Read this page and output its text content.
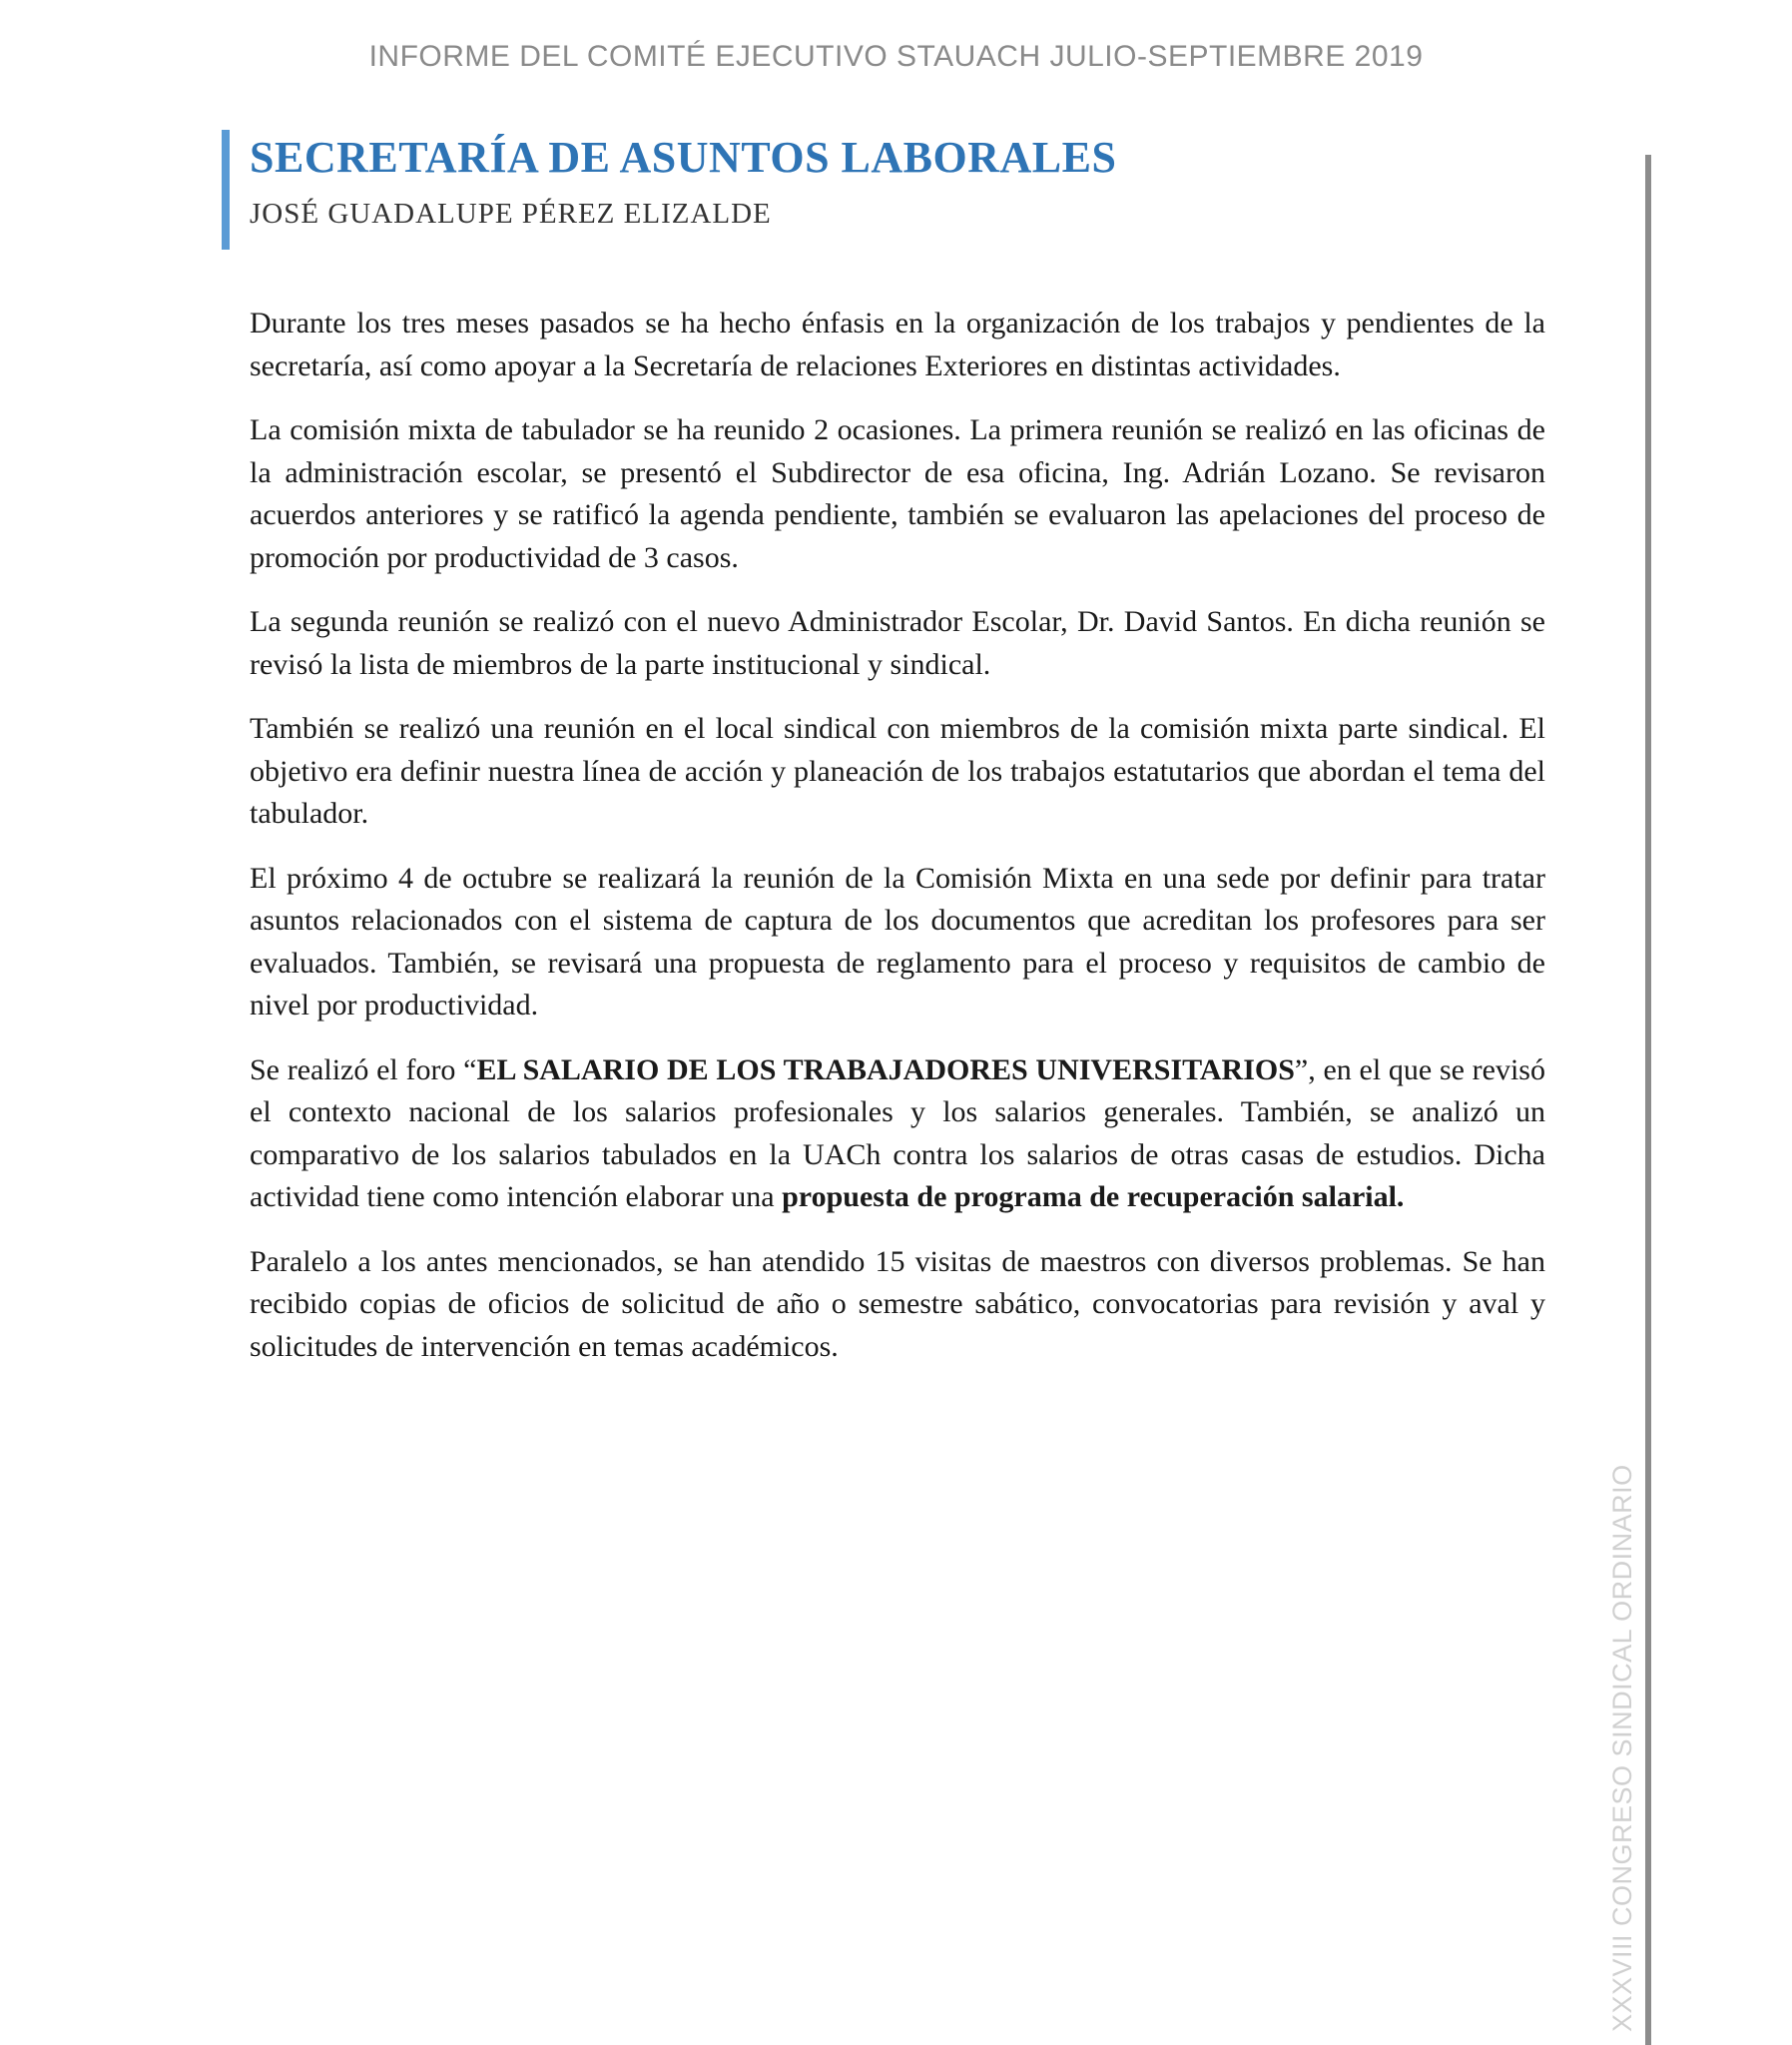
INFORME DEL COMITÉ EJECUTIVO STAUACH JULIO-SEPTIEMBRE 2019
SECRETARÍA DE ASUNTOS LABORALES
JOSÉ GUADALUPE PÉREZ ELIZALDE
XXXVIII CONGRESO SINDICAL ORDINARIO

Durante los tres meses pasados se ha hecho énfasis en la organización de los trabajos y pendientes de la secretaría, así como apoyar a la Secretaría de relaciones Exteriores en distintas actividades.

La comisión mixta de tabulador se ha reunido 2 ocasiones. La primera reunión se realizó en las oficinas de la administración escolar, se presentó el Subdirector de esa oficina, Ing. Adrián Lozano. Se revisaron acuerdos anteriores y se ratificó la agenda pendiente, también se evaluaron las apelaciones del proceso de promoción por productividad de 3 casos.

La segunda reunión se realizó con el nuevo Administrador Escolar, Dr. David Santos. En dicha reunión se revisó la lista de miembros de la parte institucional y sindical.

También se realizó una reunión en el local sindical con miembros de la comisión mixta parte sindical. El objetivo era definir nuestra línea de acción y planeación de los trabajos estatutarios que abordan el tema del tabulador.

El próximo 4 de octubre se realizará la reunión de la Comisión Mixta en una sede por definir para tratar asuntos relacionados con el sistema de captura de los documentos que acreditan los profesores para ser evaluados. También, se revisará una propuesta de reglamento para el proceso y requisitos de cambio de nivel por productividad.

Se realizó el foro “EL SALARIO DE LOS TRABAJADORES UNIVERSITARIOS”, en el que se revisó el contexto nacional de los salarios profesionales y los salarios generales. También, se analizó un comparativo de los salarios tabulados en la UACh contra los salarios de otras casas de estudios. Dicha actividad tiene como intención elaborar una propuesta de programa de recuperación salarial.

Paralelo a los antes mencionados, se han atendido 15 visitas de maestros con diversos problemas. Se han recibido copias de oficios de solicitud de año o semestre sabático, convocatorias para revisión y aval y solicitudes de intervención en temas académicos.
